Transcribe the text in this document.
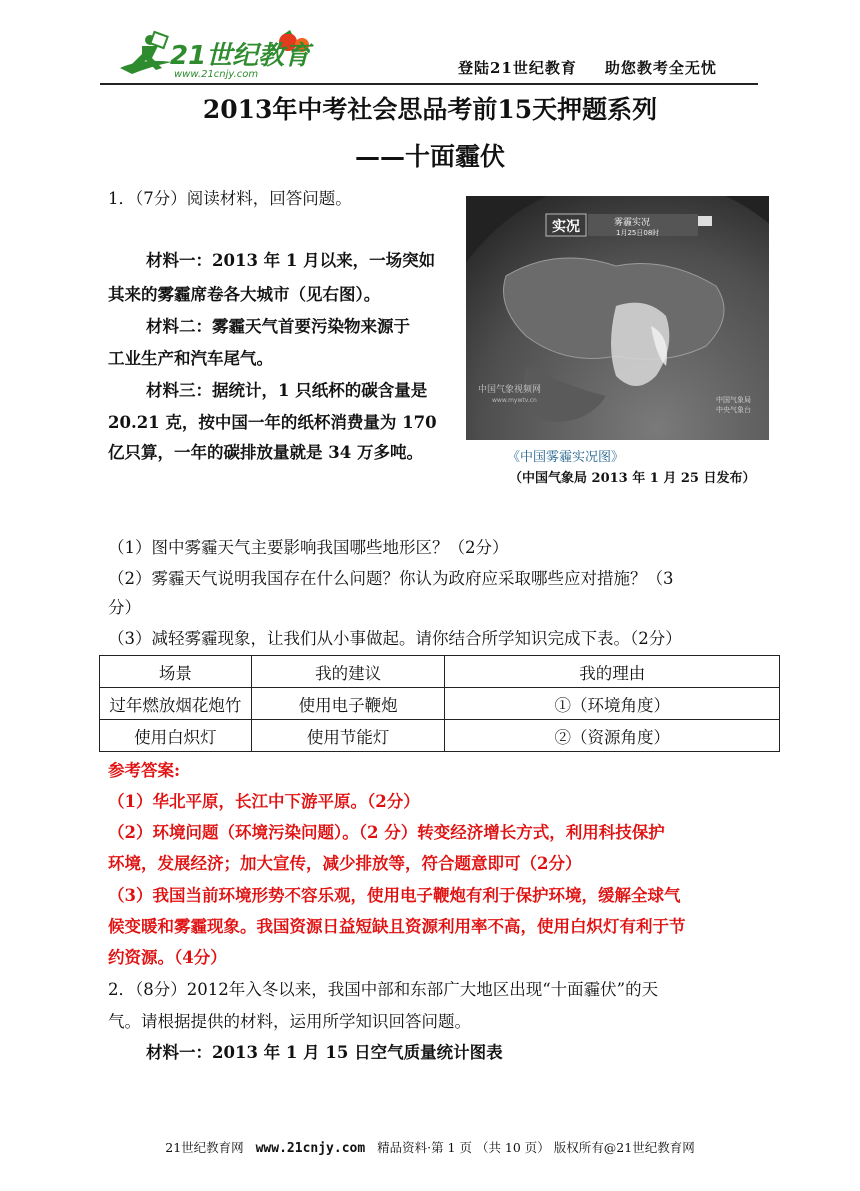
21世纪教育
www.21cnjy.com	登陆21世纪教育 助您教考全无忧
2013年中考社会思品考前15天押题系列
——十面霾伏
1．（7分）阅读材料，回答问题。
材料一：2013 年 1 月以来，一场突如
其来的雾霾席卷各大城市（见右图）。
材料二：雾霾天气首要污染物来源于
工业生产和汽车尾气。
材料三：据统计，1 只纸杯的碳含量是
20.21 克，按中国一年的纸杯消费量为 170
亿只算，一年的碳排放量就是 34 万多吨。
实况	雾霾实况
1月25日08时
中国气象视频网
www.mywtv.cn	中国气象局
中央气象台
《中国雾霾实况图》
（中国气象局 2013 年 1 月 25 日发布）
（1）图中雾霾天气主要影响我国哪些地形区？（2分）
（2）雾霾天气说明我国存在什么问题？你认为政府应采取哪些应对措施？（3
分）
（3）减轻雾霾现象，让我们从小事做起。请你结合所学知识完成下表。（2分）
场景	我的建议	我的理由
过年燃放烟花炮竹	使用电子鞭炮	①（环境角度）
使用白炽灯	使用节能灯	②（资源角度）
参考答案:
（1）华北平原，长江中下游平原。（2分）
（2）环境问题（环境污染问题）。（2 分）转变经济增长方式，利用科技保护
环境，发展经济；加大宣传，减少排放等，符合题意即可（2分）
（3）我国当前环境形势不容乐观，使用电子鞭炮有利于保护环境，缓解全球气
候变暖和雾霾现象。我国资源日益短缺且资源利用率不高，使用白炽灯有利于节
约资源。（4分）
2．（8分）2012年入冬以来，我国中部和东部广大地区出现“十面霾伏”的天
气。请根据提供的材料，运用所学知识回答问题。
材料一：2013 年 1 月 15 日空气质量统计图表
21世纪教育网 www.21cnjy.com 精品资料·第 1 页 （共 10 页） 版权所有@21世纪教育网
